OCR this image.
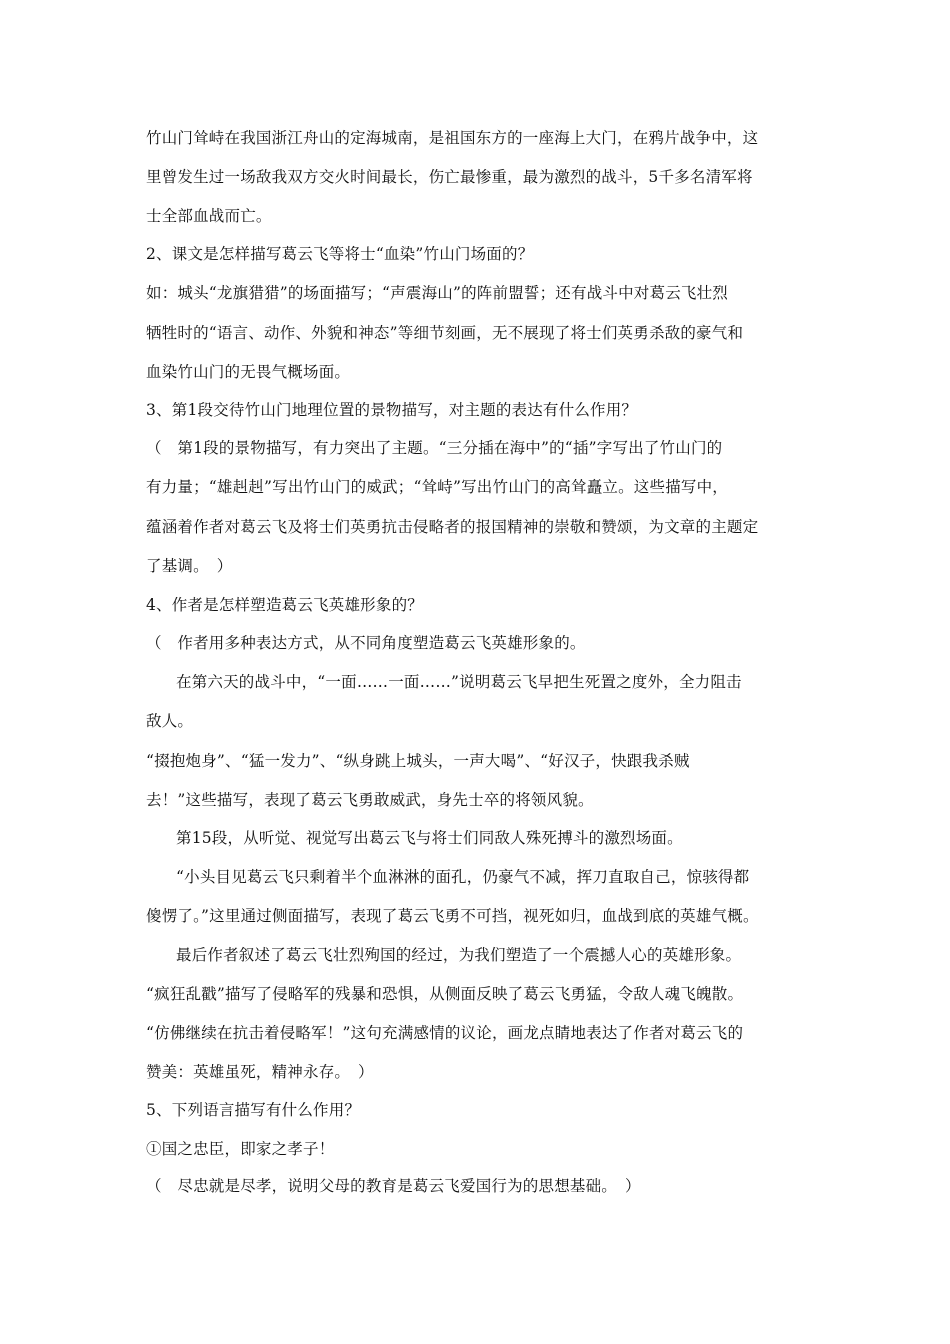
竹山门耸峙在我国浙江舟山的定海城南，是祖国东方的一座海上大门，在鸦片战争中，这
里曾发生过一场敌我双方交火时间最长，伤亡最惨重，最为激烈的战斗，5千多名清军将
士全部血战而亡。
2、课文是怎样描写葛云飞等将士“血染”竹山门场面的？
如：城头“龙旗猎猎”的场面描写；“声震海山”的阵前盟誓；还有战斗中对葛云飞壮烈
牺牲时的“语言、动作、外貌和神态”等细节刻画，无不展现了将士们英勇杀敌的豪气和
血染竹山门的无畏气概场面。
3、第1段交待竹山门地理位置的景物描写，对主题的表达有什么作用？
（　第1段的景物描写，有力突出了主题。“三分插在海中”的“插”字写出了竹山门的
有力量；“雄赳赳”写出竹山门的威武；“耸峙”写出竹山门的高耸矗立。这些描写中，
蕴涵着作者对葛云飞及将士们英勇抗击侵略者的报国精神的崇敬和赞颂，为文章的主题定
了基调。　）
4、作者是怎样塑造葛云飞英雄形象的？
（　作者用多种表达方式，从不同角度塑造葛云飞英雄形象的。
在第六天的战斗中，“一面……一面……”说明葛云飞早把生死置之度外，全力阻击
敌人。
“掇抱炮身”、“猛一发力”、“纵身跳上城头，一声大喝”、“好汉子，快跟我杀贼
去！”这些描写，表现了葛云飞勇敢威武，身先士卒的将领风貌。
第15段，从听觉、视觉写出葛云飞与将士们同敌人殊死搏斗的激烈场面。
“小头目见葛云飞只剩着半个血淋淋的面孔，仍豪气不减，挥刀直取自己，惊骇得都
傻愣了。”这里通过侧面描写，表现了葛云飞勇不可挡，视死如归，血战到底的英雄气概。
最后作者叙述了葛云飞壮烈殉国的经过，为我们塑造了一个震撼人心的英雄形象。
“疯狂乱戳”描写了侵略军的残暴和恐惧，从侧面反映了葛云飞勇猛，令敌人魂飞魄散。
“仿佛继续在抗击着侵略军！”这句充满感情的议论，画龙点睛地表达了作者对葛云飞的
赞美：英雄虽死，精神永存。　）
5、下列语言描写有什么作用？
①国之忠臣，即家之孝子！
（　尽忠就是尽孝，说明父母的教育是葛云飞爱国行为的思想基础。　）
